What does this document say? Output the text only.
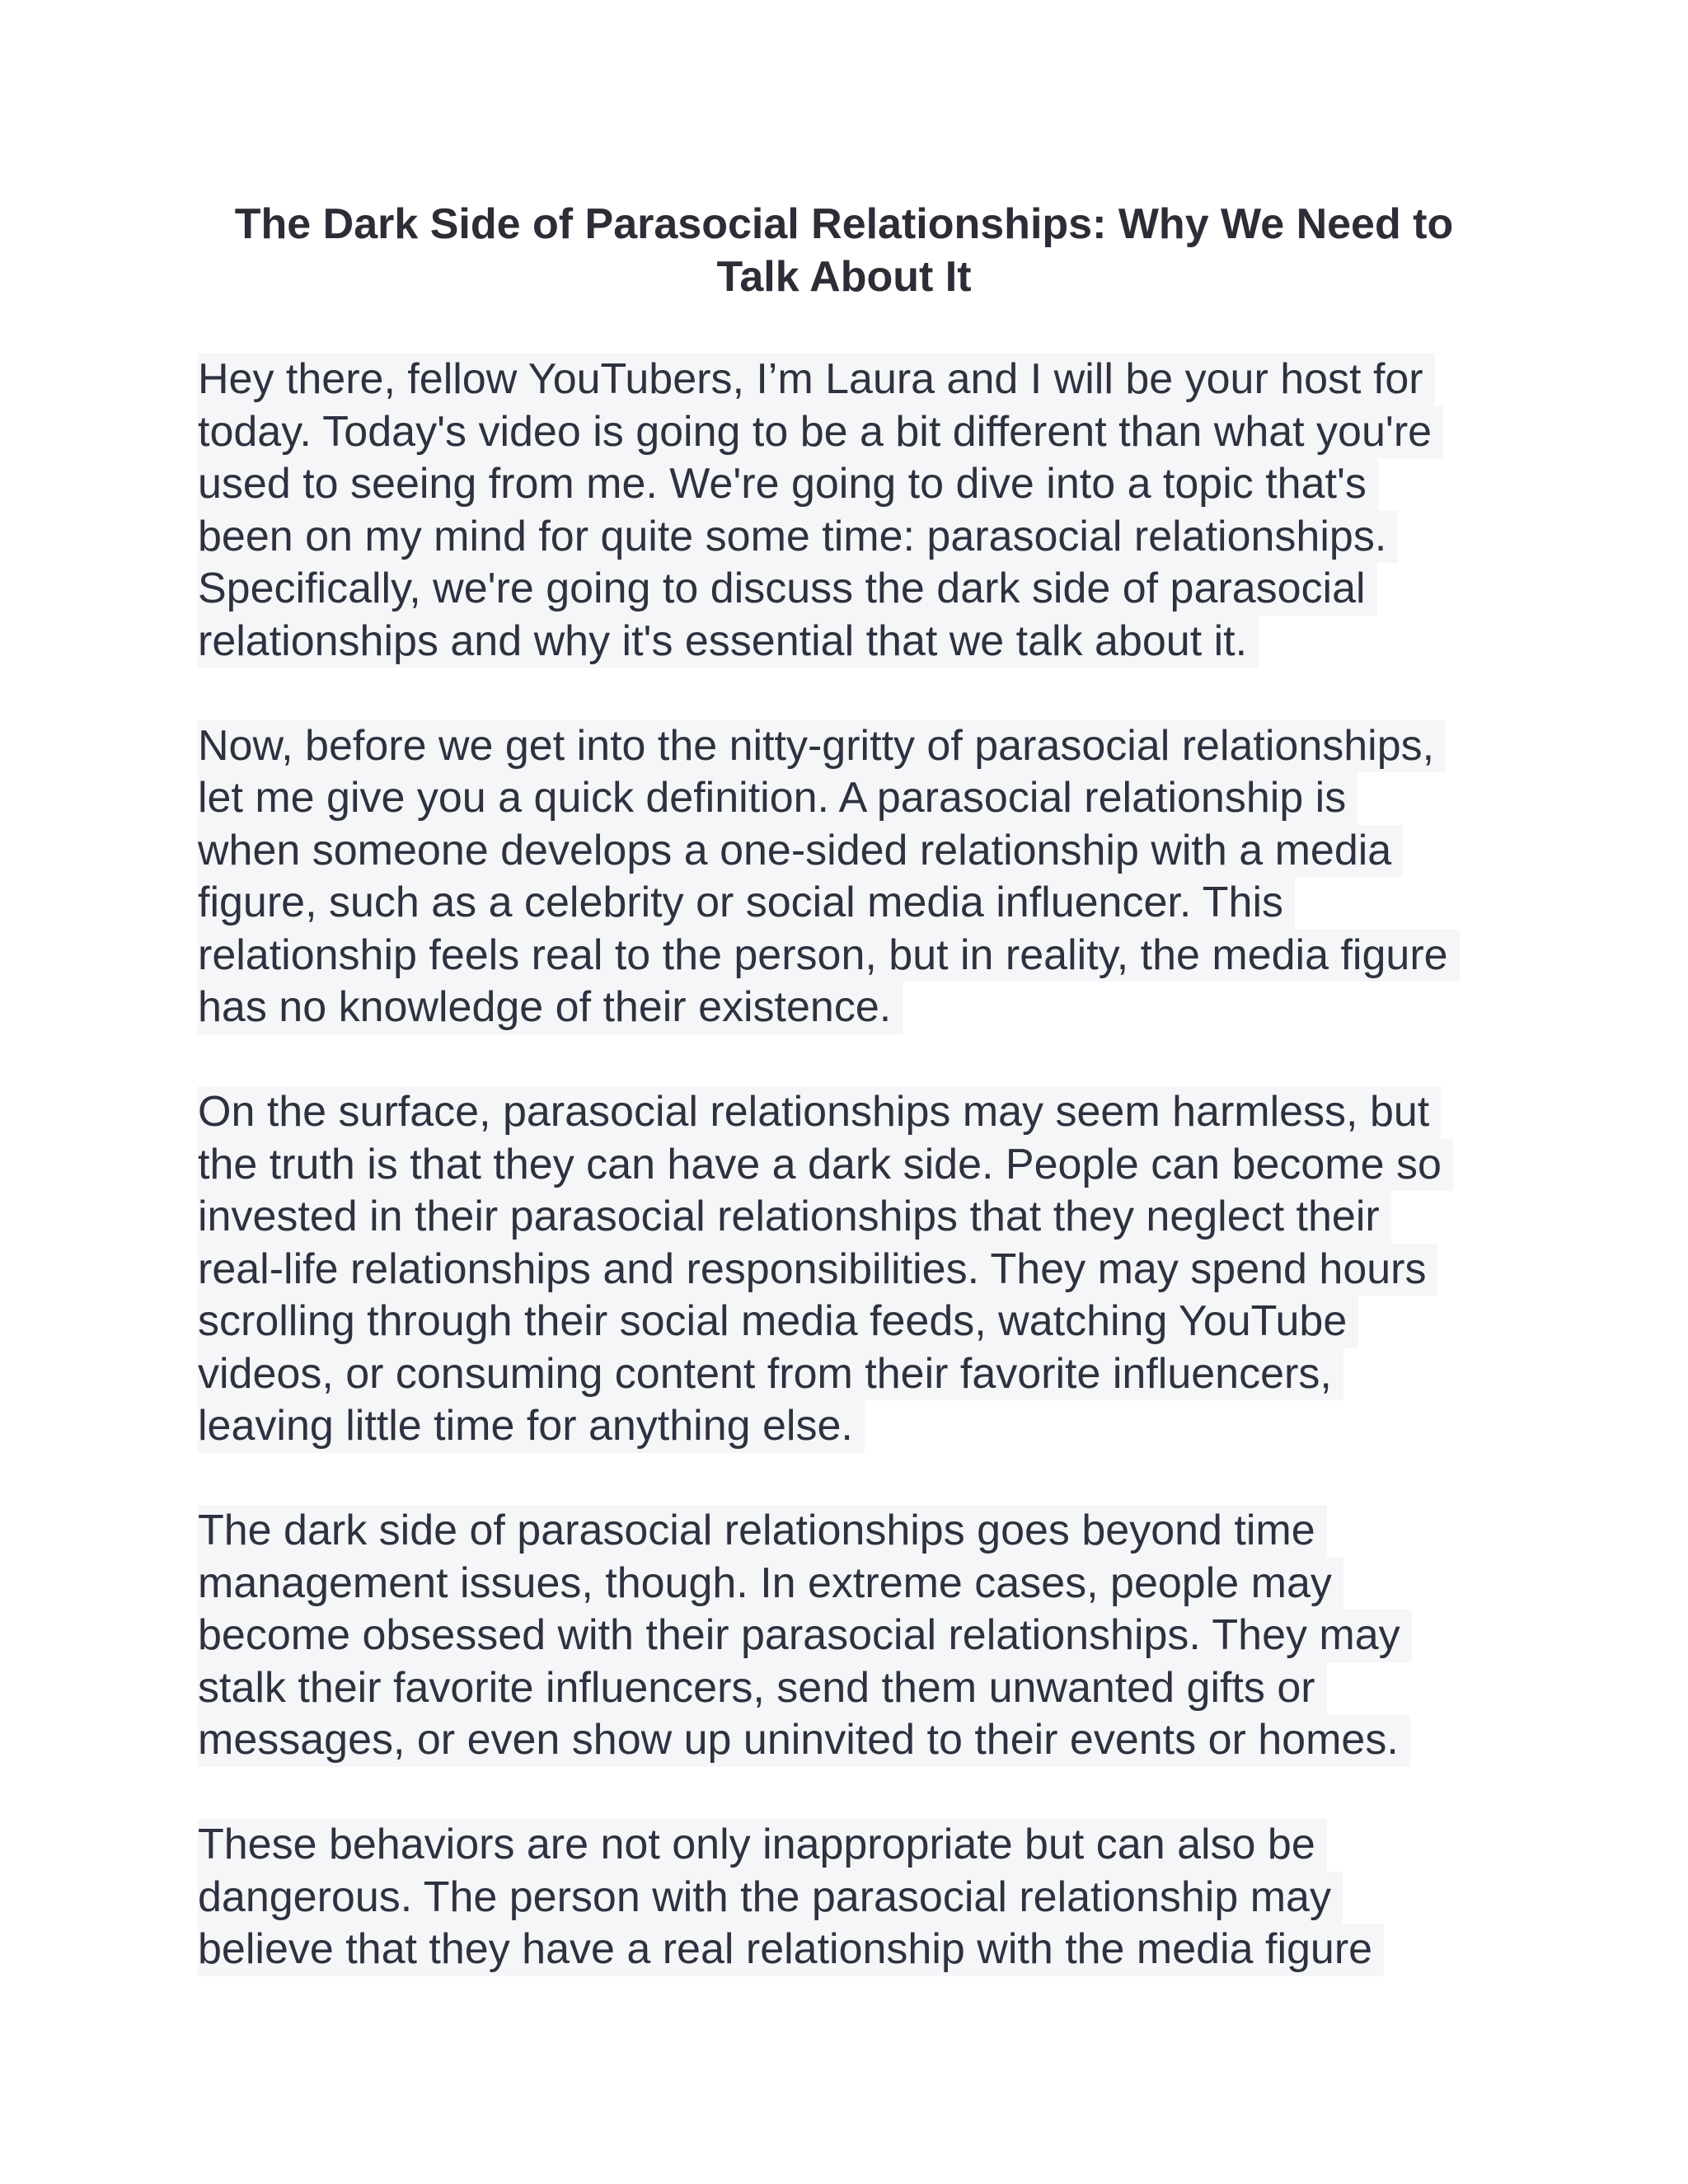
The Dark Side of Parasocial Relationships: Why We Need to
Talk About It
Hey there, fellow YouTubers, I’m Laura and I will be your host for
today. Today's video is going to be a bit different than what you're
used to seeing from me. We're going to dive into a topic that's
been on my mind for quite some time: parasocial relationships.
Specifically, we're going to discuss the dark side of parasocial
relationships and why it's essential that we talk about it.
Now, before we get into the nitty-gritty of parasocial relationships,
let me give you a quick definition. A parasocial relationship is
when someone develops a one-sided relationship with a media
figure, such as a celebrity or social media influencer. This
relationship feels real to the person, but in reality, the media figure
has no knowledge of their existence.
On the surface, parasocial relationships may seem harmless, but
the truth is that they can have a dark side. People can become so
invested in their parasocial relationships that they neglect their
real-life relationships and responsibilities. They may spend hours
scrolling through their social media feeds, watching YouTube
videos, or consuming content from their favorite influencers,
leaving little time for anything else.
The dark side of parasocial relationships goes beyond time
management issues, though. In extreme cases, people may
become obsessed with their parasocial relationships. They may
stalk their favorite influencers, send them unwanted gifts or
messages, or even show up uninvited to their events or homes.
These behaviors are not only inappropriate but can also be
dangerous. The person with the parasocial relationship may
believe that they have a real relationship with the media figure
